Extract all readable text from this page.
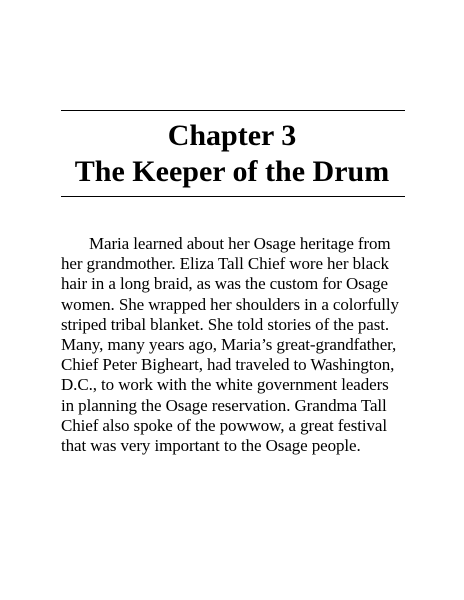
Chapter 3
The Keeper of the Drum

Maria learned about her Osage heritage from
her grandmother. Eliza Tall Chief wore her black
hair in a long braid, as was the custom for Osage
women. She wrapped her shoulders in a colorfully
striped tribal blanket. She told stories of the past.
Many, many years ago, Maria’s great-grandfather,
Chief Peter Bigheart, had traveled to Washington,
D.C., to work with the white government leaders
in planning the Osage reservation. Grandma Tall
Chief also spoke of the powwow, a great festival
that was very important to the Osage people.
